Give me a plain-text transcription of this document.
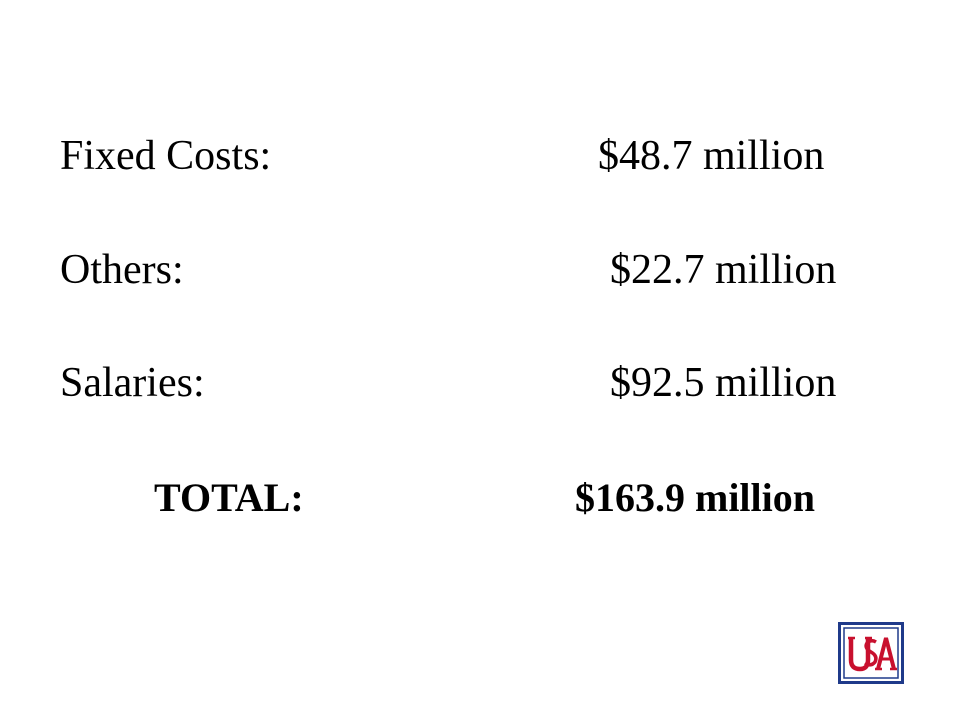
Fixed Costs:	$48.7 million
Others:	$22.7 million
Salaries:	$92.5 million
TOTAL:	$163.9 million
